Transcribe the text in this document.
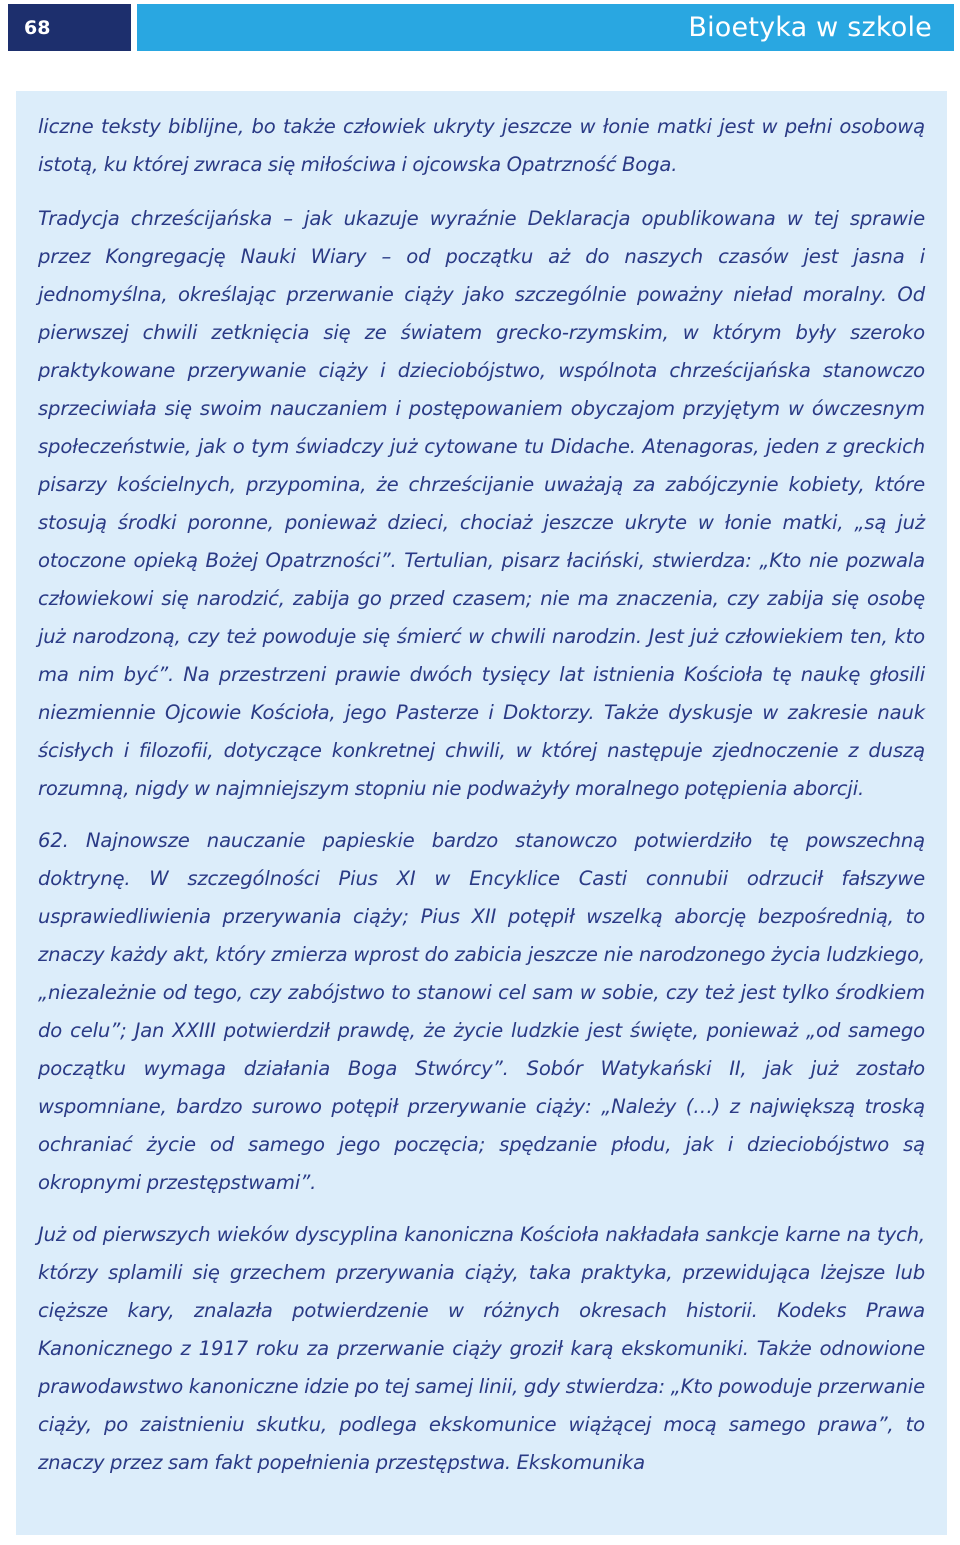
68	Bioetyka w szkole

liczne teksty biblijne, bo także człowiek ukryty jeszcze w łonie matki jest w pełni osobową istotą, ku której zwraca się miłościwa i ojcowska Opatrzność Boga.

Tradycja chrześcijańska – jak ukazuje wyraźnie Deklaracja opublikowana w tej sprawie przez Kongregację Nauki Wiary – od początku aż do naszych czasów jest jasna i jednomyślna, określając przerwanie ciąży jako szczególnie poważny nieład moralny. Od pierwszej chwili zetknięcia się ze światem grecko-rzymskim, w którym były szeroko praktykowane przerywanie ciąży i dzieciobójstwo, wspólnota chrześcijańska stanowczo sprzeciwiała się swoim nauczaniem i postępowaniem obyczajom przyjętym w ówczesnym społeczeństwie, jak o tym świadczy już cytowane tu Didache. Atenagoras, jeden z greckich pisarzy kościelnych, przypomina, że chrześcijanie uważają za zabójczynie kobiety, które stosują środki poronne, ponieważ dzieci, chociaż jeszcze ukryte w łonie matki, „są już otoczone opieką Bożej Opatrzności”. Tertulian, pisarz łaciński, stwierdza: „Kto nie pozwala człowiekowi się narodzić, zabija go przed czasem; nie ma znaczenia, czy zabija się osobę już narodzoną, czy też powoduje się śmierć w chwili narodzin. Jest już człowiekiem ten, kto ma nim być”. Na przestrzeni prawie dwóch tysięcy lat istnienia Kościoła tę naukę głosili niezmiennie Ojcowie Kościoła, jego Pasterze i Doktorzy. Także dyskusje w zakresie nauk ścisłych i filozofii, dotyczące konkretnej chwili, w której następuje zjednoczenie z duszą rozumną, nigdy w najmniejszym stopniu nie podważyły moralnego potępienia aborcji.

62. Najnowsze nauczanie papieskie bardzo stanowczo potwierdziło tę powszechną doktrynę. W szczególności Pius XI w Encyklice Casti connubii odrzucił fałszywe usprawiedliwienia przerywania ciąży; Pius XII potępił wszelką aborcję bezpośrednią, to znaczy każdy akt, który zmierza wprost do zabicia jeszcze nie narodzonego życia ludzkiego, „niezależnie od tego, czy zabójstwo to stanowi cel sam w sobie, czy też jest tylko środkiem do celu”; Jan XXIII potwierdził prawdę, że życie ludzkie jest święte, ponieważ „od samego początku wymaga działania Boga Stwórcy”. Sobór Watykański II, jak już zostało wspomniane, bardzo surowo potępił przerywanie ciąży: „Należy (…) z największą troską ochraniać życie od samego jego poczęcia; spędzanie płodu, jak i dzieciobójstwo są okropnymi przestępstwami”.

Już od pierwszych wieków dyscyplina kanoniczna Kościoła nakładała sankcje karne na tych, którzy splamili się grzechem przerywania ciąży, taka praktyka, przewidująca lżejsze lub cięższe kary, znalazła potwierdzenie w różnych okresach historii. Kodeks Prawa Kanonicznego z 1917 roku za przerwanie ciąży groził karą ekskomuniki. Także odnowione prawodawstwo kanoniczne idzie po tej samej linii, gdy stwierdza: „Kto powoduje przerwanie ciąży, po zaistnieniu skutku, podlega ekskomunice wiążącej mocą samego prawa”, to znaczy przez sam fakt popełnienia przestępstwa. Ekskomunika
